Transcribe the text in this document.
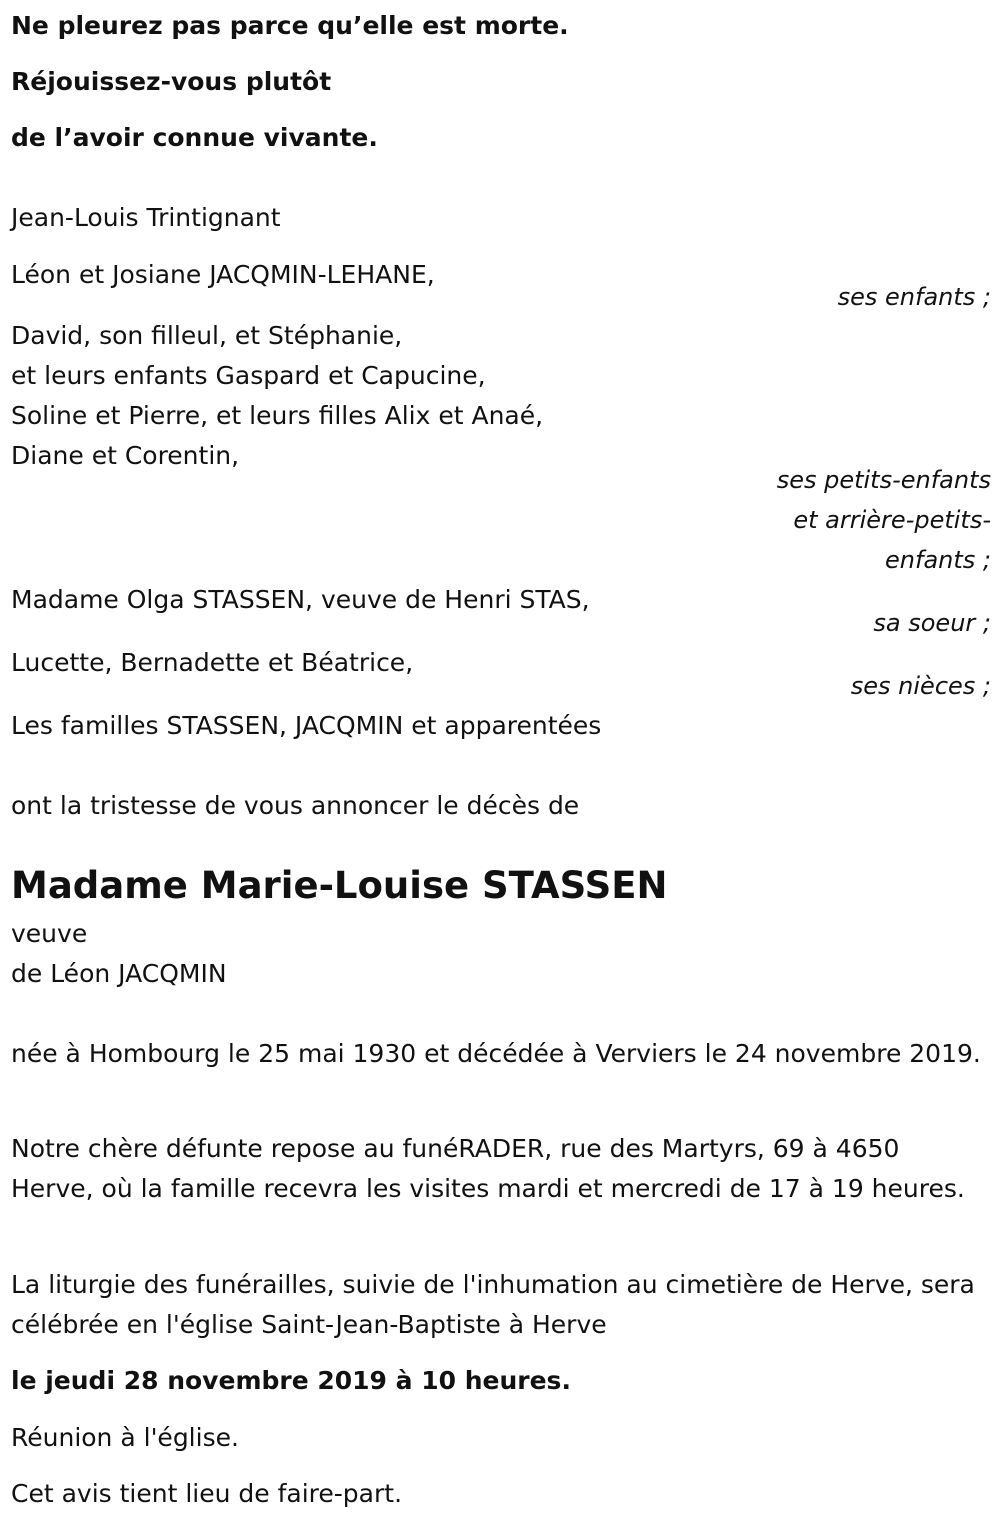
Ne pleurez pas parce qu’elle est morte.
Réjouissez-vous plutôt
de l’avoir connue vivante.
Jean-Louis Trintignant
Léon et Josiane JACQMIN-LEHANE,
ses enfants ;
David, son filleul, et Stéphanie,
et leurs enfants Gaspard et Capucine,
Soline et Pierre, et leurs filles Alix et Anaé,
Diane et Corentin,
ses petits-enfants
et arrière-petits-
enfants ;
Madame Olga STASSEN, veuve de Henri STAS,
sa soeur ;
Lucette, Bernadette et Béatrice,
ses nièces ;
Les familles STASSEN, JACQMIN et apparentées
ont la tristesse de vous annoncer le décès de
Madame Marie-Louise STASSEN
veuve
de Léon JACQMIN
née à Hombourg le 25 mai 1930 et décédée à Verviers le 24 novembre 2019.
Notre chère défunte repose au funéRADER, rue des Martyrs, 69 à 4650 Herve, où la famille recevra les visites mardi et mercredi de 17 à 19 heures.
La liturgie des funérailles, suivie de l'inhumation au cimetière de Herve, sera célébrée en l'église Saint-Jean-Baptiste à Herve
le jeudi 28 novembre 2019 à 10 heures.
Réunion à l'église.
Cet avis tient lieu de faire-part.
